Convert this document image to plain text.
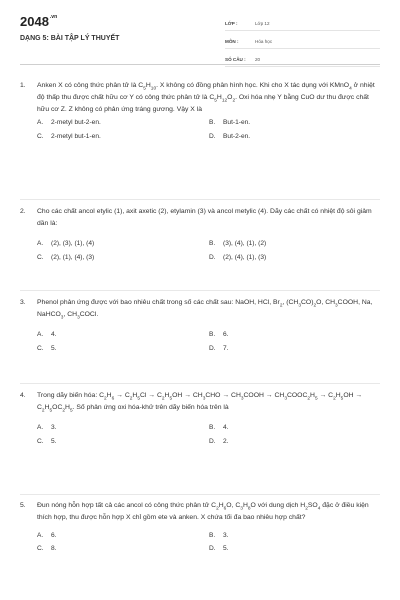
$2048^{.vn}$
DẠNG 5: BÀI TẬP LÝ THUYẾT
LỚP :	Lớp 12
MÔN :	Hóa học
SỐ CÂU :	20
1. Anken X có công thức phân tử là $C_5H_{10}$. X không có đồng phân hình học. Khi cho X tác dụng với KMnO$_4$ ở nhiệt độ thấp thu được chất hữu cơ Y có công thức phân tử là $C_5H_{12}O_2$. Oxi hóa nhẹ Y bằng CuO dư thu được chất hữu cơ Z. Z không có phản ứng tráng gương. Vậy X là
A.	2-metyl but-2-en.	B.	But-1-en.
C.	2-metyl but-1-en.	D.	But-2-en.
2. Cho các chất ancol etylic (1), axit axetic (2), etylamin (3) và ancol metylic (4). Dãy các chất có nhiệt độ sôi giảm dần là:
A.	(2), (3), (1), (4)	B.	(3), (4), (1), (2)
C.	(2), (1), (4), (3)	D.	(2), (4), (1), (3)
3. Phenol phản ứng được với bao nhiêu chất trong số các chất sau: NaOH, HCl, $Br_2$, $(CH_3CO)_2O$, $CH_3COOH$, Na, NaHCO$_3$, $CH_3COCl$.
A.	4.	B.	6.
C.	5.	D.	7.
4. Trong dãy biến hóa: $C_2H_6 \to C_2H_5Cl \to C_2H_5OH \to CH_3CHO$ → $CH_3COOH$ → $CH_3COOC_2H_5 \to C_2H_5OH \to C_2H_5OC_2H_5$. Số phản ứng oxi hóa-khử trên dãy biến hóa trên là
A.	3.	B.	4.
C.	5.	D.	2.
5. Đun nóng hỗn hợp tất cả các ancol có công thức phân tử $C_2H_6O$, $C_3H_8O$ với dung dịch $H_2SO_4$ đặc ở điều kiện thích hợp, thu được hỗn hợp X chỉ gồm ete và anken. X chứa tối đa bao nhiêu hợp chất?
A.	6.	B.	3.
C.	8.	D.	5.
